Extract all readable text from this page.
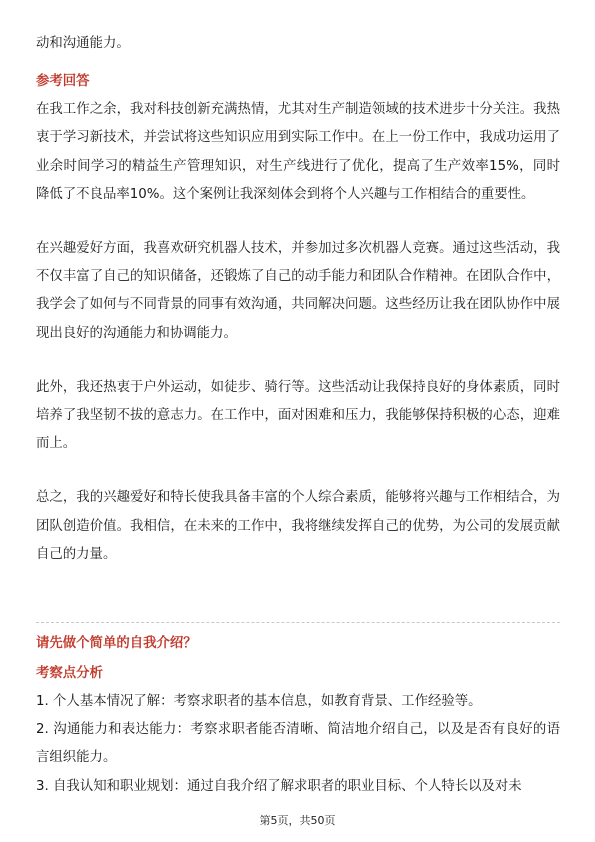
动和沟通能力。

参考回答

在我工作之余，我对科技创新充满热情，尤其对生产制造领域的技术进步十分关注。我热衷于学习新技术，并尝试将这些知识应用到实际工作中。在上一份工作中，我成功运用了业余时间学习的精益生产管理知识，对生产线进行了优化，提高了生产效率15%，同时降低了不良品率10%。这个案例让我深刻体会到将个人兴趣与工作相结合的重要性。

在兴趣爱好方面，我喜欢研究机器人技术，并参加过多次机器人竞赛。通过这些活动，我不仅丰富了自己的知识储备，还锻炼了自己的动手能力和团队合作精神。在团队合作中，我学会了如何与不同背景的同事有效沟通，共同解决问题。这些经历让我在团队协作中展现出良好的沟通能力和协调能力。

此外，我还热衷于户外运动，如徒步、骑行等。这些活动让我保持良好的身体素质，同时培养了我坚韧不拔的意志力。在工作中，面对困难和压力，我能够保持积极的心态，迎难而上。

总之，我的兴趣爱好和特长使我具备丰富的个人综合素质，能够将兴趣与工作相结合，为团队创造价值。我相信，在未来的工作中，我将继续发挥自己的优势，为公司的发展贡献自己的力量。

请先做个简单的自我介绍？

考察点分析

1. 个人基本情况了解：考察求职者的基本信息，如教育背景、工作经验等。

2. 沟通能力和表达能力：考察求职者能否清晰、简洁地介绍自己，以及是否有良好的语言组织能力。

3. 自我认知和职业规划：通过自我介绍了解求职者的职业目标、个人特长以及对未

第5页，共50页
